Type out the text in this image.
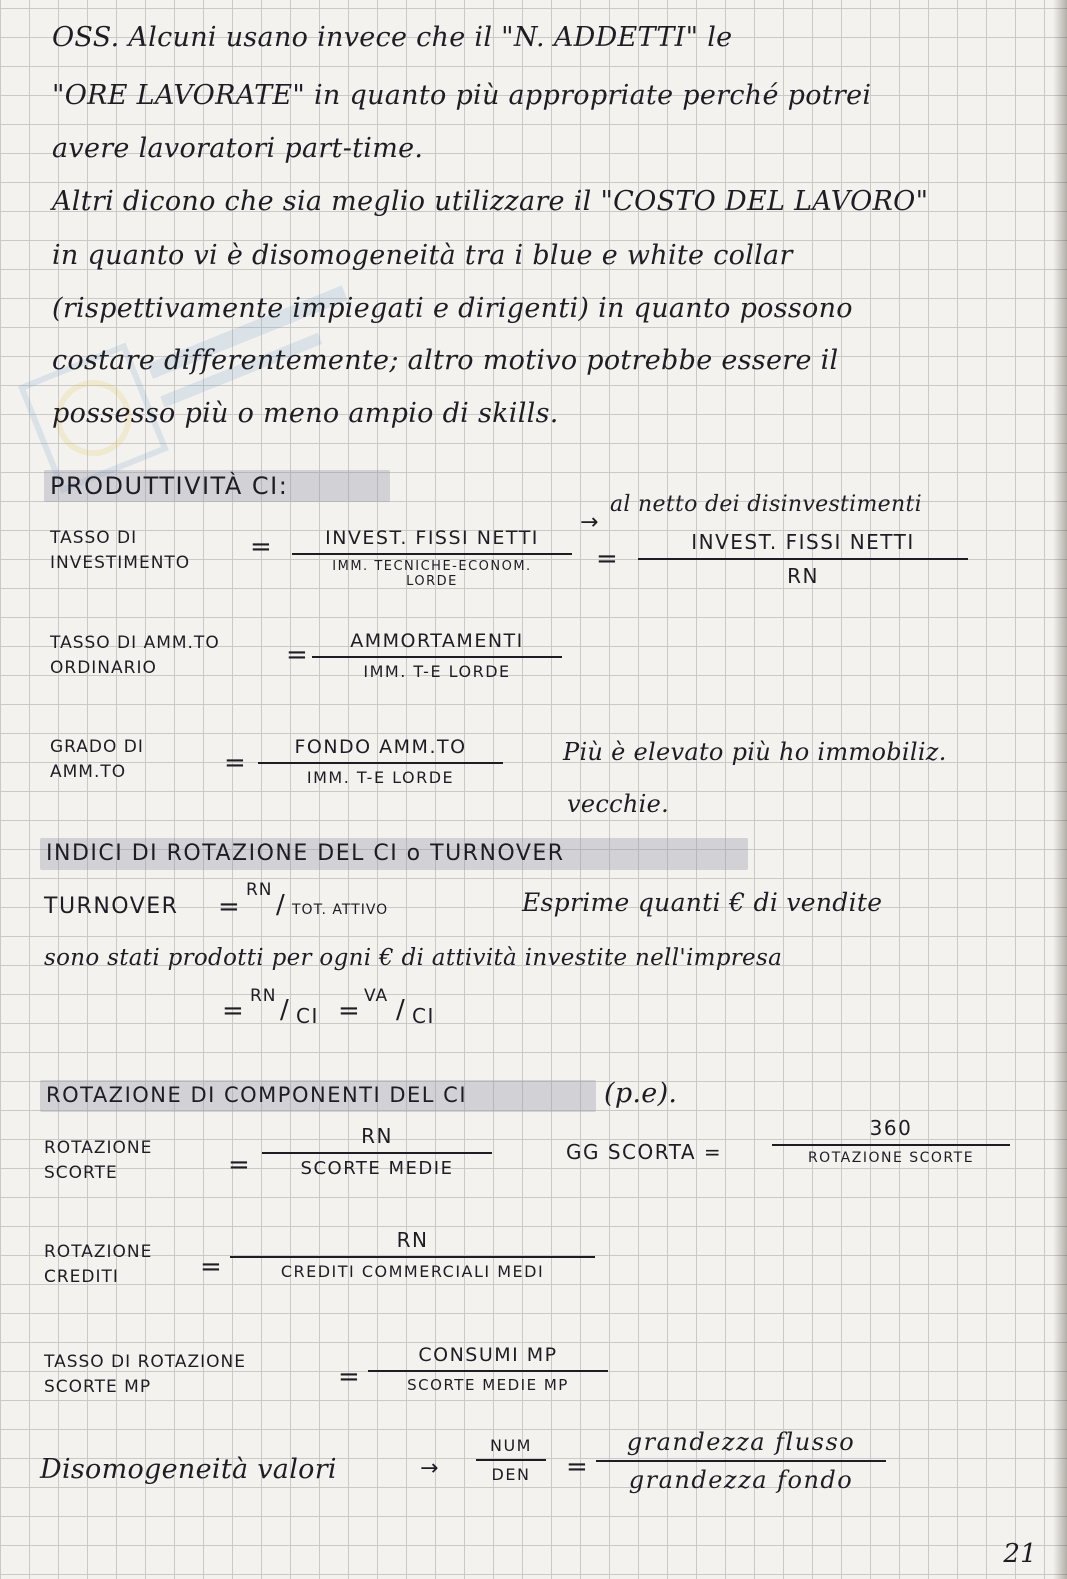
OSS. Alcuni usano invece che il "N. ADDETTI" le
"ORE LAVORATE" in quanto più appropriate perché potrei
avere lavoratori part-time.
Altri dicono che sia meglio utilizzare il "COSTO DEL LAVORO"
in quanto vi è disomogeneità tra i blue e white collar
(rispettivamente impiegati e dirigenti) in quanto possono
costare differentemente; altro motivo potrebbe essere il
possesso più o meno ampio di skills.
PRODUTTIVITÀ CI:
TASSO DI
INVESTIMENTO
=	INVEST. FISSI NETTI
IMM. TECNICHE-ECONOM.
LORDE
→
=
al netto dei disinvestimenti
INVEST. FISSI NETTI
RN
TASSO DI AMM.TO
ORDINARIO	=	AMMORTAMENTI
IMM. T-E LORDE
GRADO DI
AMM.TO	=
FONDO AMM.TO
IMM. T-E LORDE
Più è elevato più ho immobiliz.
vecchie.
INDICI DI ROTAZIONE DEL CI o TURNOVER
TURNOVER =
RN / TOT. ATTIVO	Esprime quanti € di vendite
sono stati prodotti per ogni € di attività investite nell'impresa
= RN / CI = VA / CI
ROTAZIONE DI COMPONENTI DEL CI	(p.e).
ROTAZIONE
SCORTE	=
RN
SCORTE MEDIE
GG SCORTA =
360
ROTAZIONE SCORTE
ROTAZIONE
CREDITI	=
RN
CREDITI COMMERCIALI MEDI
TASSO DI ROTAZIONE
SCORTE MP	=
CONSUMI MP
SCORTE MEDIE MP
Disomogeneità valori	→
NUM
DEN	=
grandezza flusso
grandezza fondo
21
